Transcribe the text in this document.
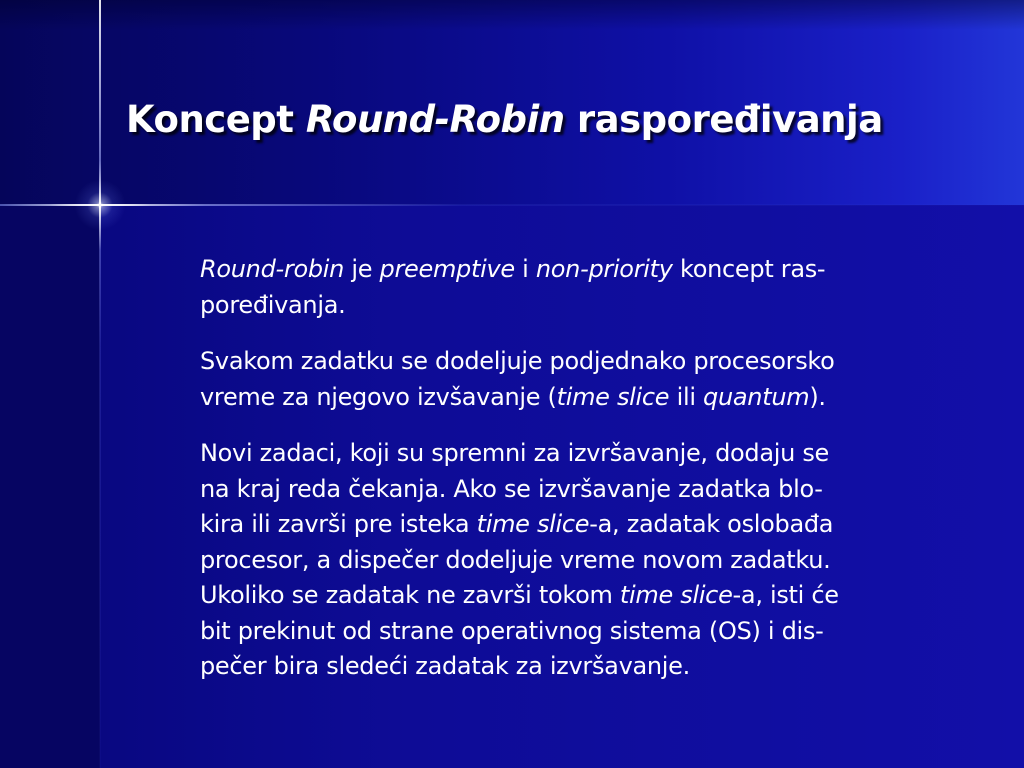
Koncept Round-Robin raspoređivanja
Round-robin je preemptive i non-priority koncept ras-
poređivanja.
Svakom zadatku se dodeljuje podjednako procesorsko
vreme za njegovo izvšavanje (time slice ili quantum).
Novi zadaci, koji su spremni za izvršavanje, dodaju se
na kraj reda čekanja. Ako se izvršavanje zadatka blo-
kira ili završi pre isteka time slice-a, zadatak oslobađa
procesor, a dispečer dodeljuje vreme novom zadatku.
Ukoliko se zadatak ne završi tokom time slice-a, isti će
bit prekinut od strane operativnog sistema (OS) i dis-
pečer bira sledeći zadatak za izvršavanje.
